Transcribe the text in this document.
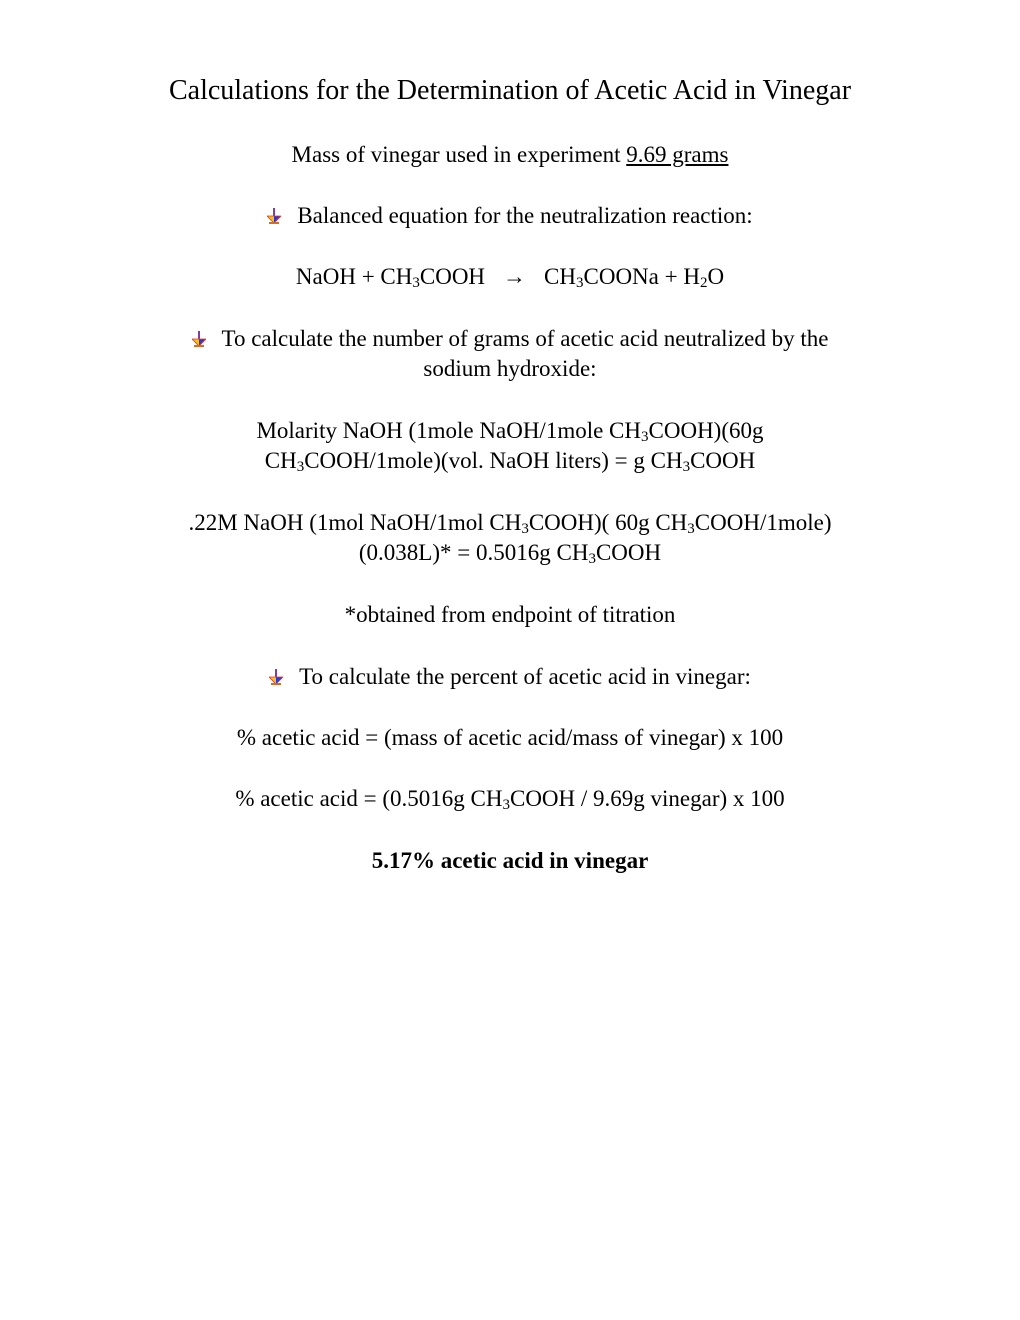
Calculations for the Determination of Acetic Acid in Vinegar
Mass of vinegar used in experiment 9.69 grams
Balanced equation for the neutralization reaction:
NaOH + $CH_3COOH$ → $CH_3COONa + H_2O$
To calculate the number of grams of acetic acid neutralized by the
sodium hydroxide:
Molarity NaOH (1mole NaOH/1mole $CH_3COOH)(60g$
$CH_3COOH/1mole)(vol$. NaOH liters) = g $CH_3COOH$
.22M NaOH (1mol NaOH/1mol $CH_3COOH$)( 60g $CH_3COOH/1mole$)
(0.038L)* = 0.5016g $CH_3COOH$
*obtained from endpoint of titration
To calculate the percent of acetic acid in vinegar:
% acetic acid = (mass of acetic acid/mass of vinegar) x 100
% acetic acid = (0.5016g $CH_3COOH / 9.69g$ vinegar) x 100
5.17% acetic acid in vinegar
